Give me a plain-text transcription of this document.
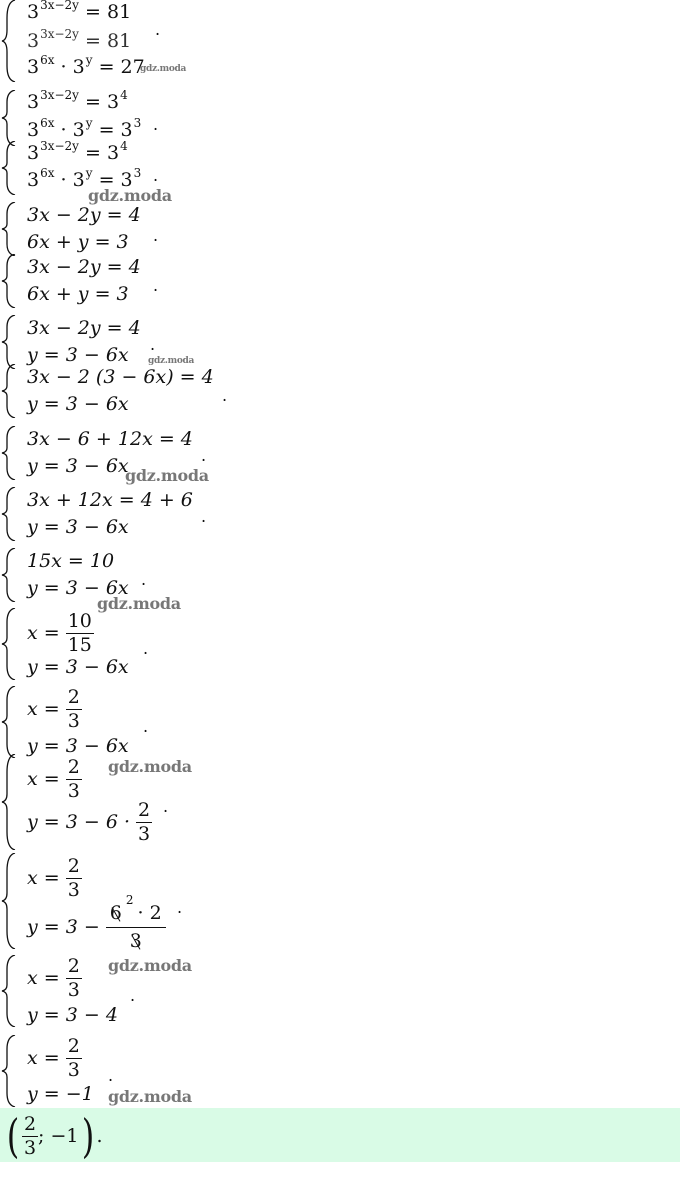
$3^{3x-2y} = 81$
$3^{3x-2y} = 81$
$3^{6x} \cdot 3^y = 27$
gdz.moda
.
$3^{3x-2y} = 3^4$
$3^{6x} \cdot 3^y = 3^3$ .
$3^{3x-2y} = 3^4$
$3^{6x} \cdot 3^y = 3^3$ .
gdz.moda
3x − 2y = 4
6x + y = 3 .
3x − 2y = 4
6x + y = 3 .
3x − 2y = 4
y = 3 − 6x .
gdz.moda
3x − 2 (3 − 6x) = 4
y = 3 − 6x	.
3x − 6 + 12x = 4
y = 3 − 6x	.
gdz.moda
3x + 12x = 4 + 6
y = 3 − 6x	.
15x = 10
y = 3 − 6x .
gdz.moda
$x = \frac{10}{15}$
y = 3 − 6x
.
$x = \frac{2}{3}$
y = 3 − 6x
.
$x = \frac{2}{3}$
$y = 3 - 6 \cdot \frac{2}{3}$ .
gdz.moda
$x = \frac{2}{3}$
$y = 3 - \frac{6^2\cdot 2}{3}$ .
$x = \frac{2}{3}$
y = 3 − 4
.
gdz.moda
$x = \frac{2}{3}$
y = −1
.
gdz.moda
( $\frac{2}{3}$ ; −1 ) .
